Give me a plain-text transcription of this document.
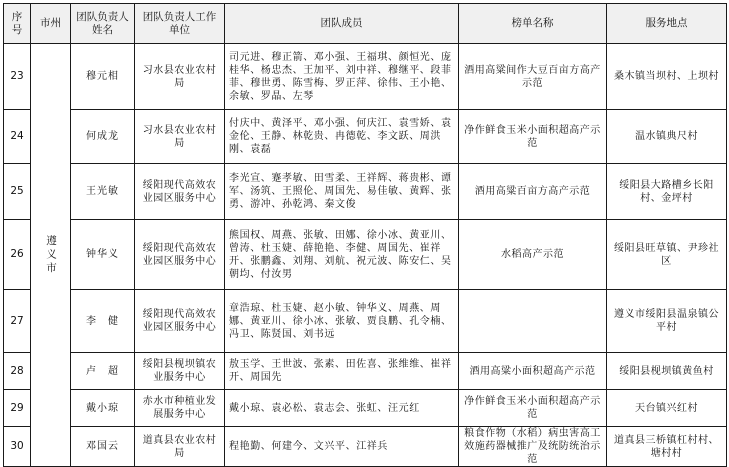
序号	市州	团队负责人姓名	团队负责人工作单位	团队成员	榜单名称	服务地点
23	遵义市	穆元相	习水县农业农村局	司元进、穆正箭、邓小强、王福琪、颜恒光、庞桂华、杨忠杰、王加平、刘中祥、穆继平、段菲菲、穆世勇、陈雪梅、罗正萍、徐伟、王小艳、余敏、罗晶、左琴	酒用高粱间作大豆百亩方高产示范	桑木镇当坝村、上坝村
24		何成龙	习水县农业农村局	付庆中、黄泽平、邓小强、何庆江、袁雪娇、袁金伦、王静、林乾贵、冉德乾、李文跃、周洪刚、袁磊	净作鲜食玉米小面积超高产示范	温水镇典尺村
25		王光敏	绥阳现代高效农业园区服务中心	李光宣、蹇孝敏、田雪柔、王祥辉、蒋贵彬、谭军、汤筑、王照伦、周国先、易佳敏、黄辉、张勇、游冲、孙乾鸿、秦文俊	酒用高粱百亩方高产示范	绥阳县大路槽乡长阳村、金坪村
26		钟华义	绥阳现代高效农业园区服务中心	熊国权、周燕、张敏、田娜、徐小冰、黄亚川、曾涛、杜玉婕、薛艳艳、李健、周国先、崔祥开、张鹏鑫、刘翔、刘航、祝元波、陈安仁、吴朝均、付汝男	水稻高产示范	绥阳县旺草镇、尹珍社区
27		李　健	绥阳现代高效农业园区服务中心	章浩琼、杜玉婕、赵小敏、钟华义、周燕、周娜、黄亚川、徐小冰、张敏、贾良鹏、孔令楠、冯卫、陈贤国、刘书远		遵义市绥阳县温泉镇公平村
28		卢　超	绥阳县枧坝镇农业服务中心	敖玉学、王世波、张素、田佐喜、张维维、崔祥开、周国先	酒用高粱小面积超高产示范	绥阳县枧坝镇黄鱼村
29		戴小琼	赤水市种植业发展服务中心	戴小琼、袁必松、袁志会、张虹、汪元红	净作鲜食玉米小面积超高产示范	天台镇兴红村
30		邓国云	道真县农业农村局	程艳勤、何建今、文兴平、江祥兵	粮食作物（水稻）病虫害高工效施药器械推广及统防统治示范	道真县三桥镇杠村村、塘村村
